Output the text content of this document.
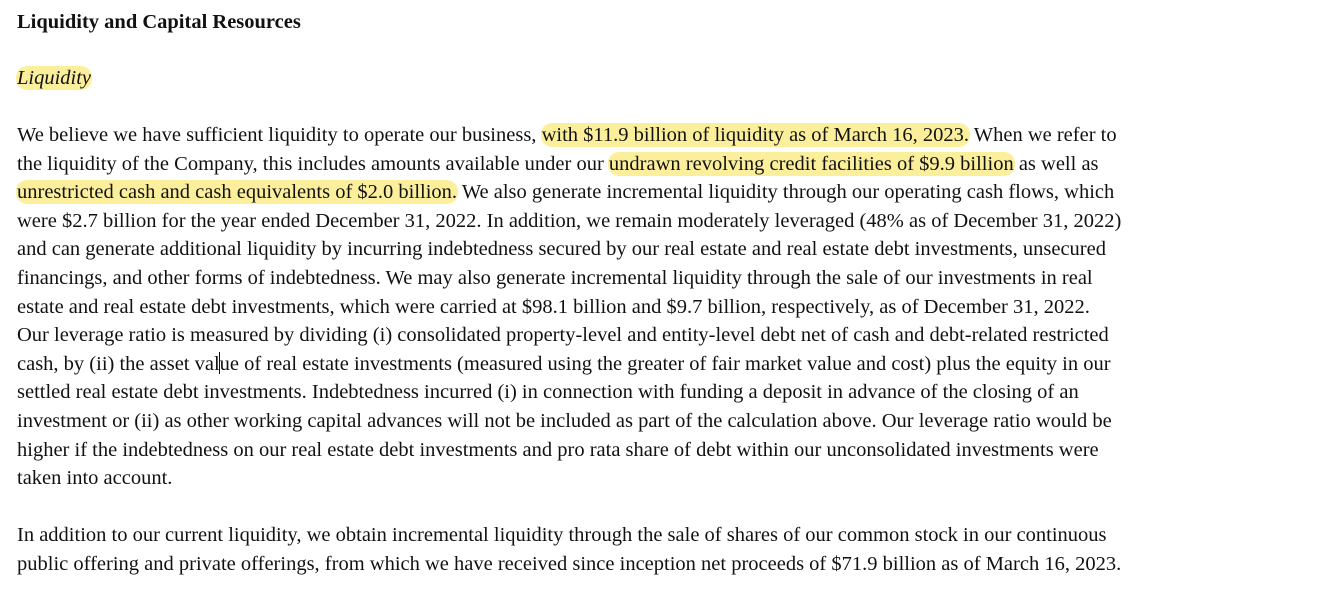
Liquidity and Capital Resources
Liquidity
We believe we have sufficient liquidity to operate our business, with $11.9 billion of liquidity as of March 16, 2023. When we refer to
the liquidity of the Company, this includes amounts available under our undrawn revolving credit facilities of $9.9 billion as well as
unrestricted cash and cash equivalents of $2.0 billion. We also generate incremental liquidity through our operating cash flows, which
were $2.7 billion for the year ended December 31, 2022. In addition, we remain moderately leveraged (48% as of December 31, 2022)
and can generate additional liquidity by incurring indebtedness secured by our real estate and real estate debt investments, unsecured
financings, and other forms of indebtedness. We may also generate incremental liquidity through the sale of our investments in real
estate and real estate debt investments, which were carried at $98.1 billion and $9.7 billion, respectively, as of December 31, 2022.
Our leverage ratio is measured by dividing (i) consolidated property-level and entity-level debt net of cash and debt-related restricted
cash, by (ii) the asset value of real estate investments (measured using the greater of fair market value and cost) plus the equity in our
settled real estate debt investments. Indebtedness incurred (i) in connection with funding a deposit in advance of the closing of an
investment or (ii) as other working capital advances will not be included as part of the calculation above. Our leverage ratio would be
higher if the indebtedness on our real estate debt investments and pro rata share of debt within our unconsolidated investments were
taken into account.
In addition to our current liquidity, we obtain incremental liquidity through the sale of shares of our common stock in our continuous
public offering and private offerings, from which we have received since inception net proceeds of $71.9 billion as of March 16, 2023.
